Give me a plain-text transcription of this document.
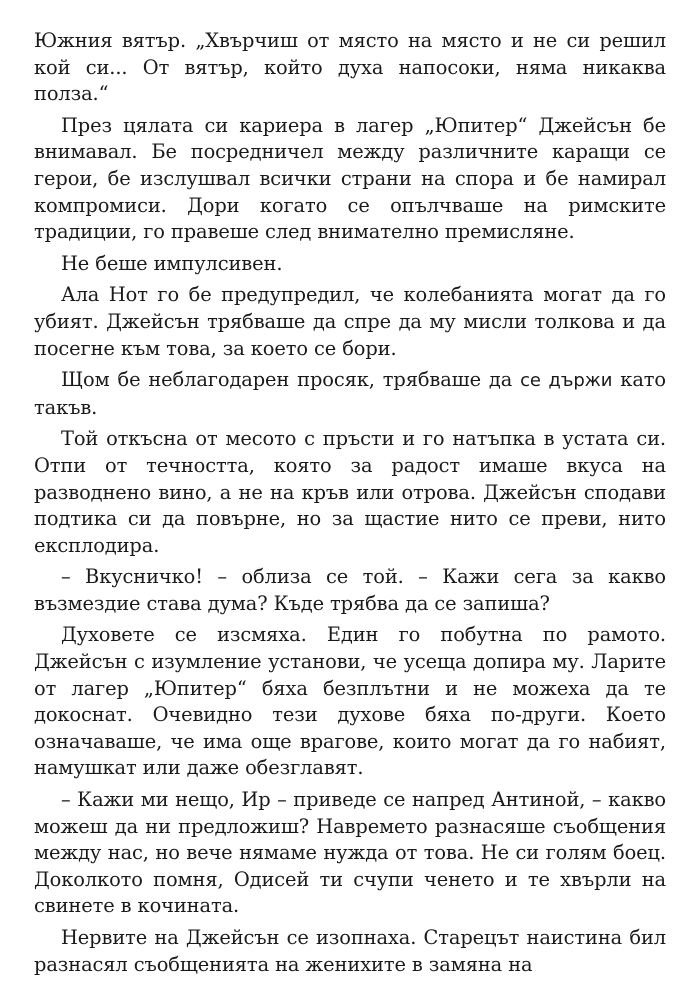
Южния вятър. „Хвърчиш от място на място и не си решил кой си... От вятър, който духа напосоки, няма никаква полза.“

През цялата си кариера в лагер „Юпитер“ Джейсън бе внимавал. Бе посредничел между различните каращи се герои, бе изслушвал всички страни на спора и бе намирал компромиси. Дори когато се опълчваше на римските традиции, го правеше след внимателно премисляне.

Не беше импулсивен.

Ала Нот го бе предупредил, че колебанията могат да го убият. Джейсън трябваше да спре да му мисли толкова и да посегне към това, за което се бори.

Щом бе неблагодарен просяк, трябваше да се държи като такъв.

Той откъсна от месото с пръсти и го натъпка в устата си. Отпи от течността, която за радост имаше вкуса на разводнено вино, а не на кръв или отрова. Джейсън сподави подтика си да повърне, но за щастие нито се преви, нито експлодира.

– Вкусничко! – облиза се той. – Кажи сега за какво възмездие става дума? Къде трябва да се запиша?

Духовете се изсмяха. Един го побутна по рамото. Джейсън с изумление установи, че усеща допира му. Ларите от лагер „Юпитер“ бяха безплътни и не можеха да те докоснат. Очевидно тези духове бяха по-други. Което означаваше, че има още врагове, които могат да го набият, намушкат или даже обезглавят.

– Кажи ми нещо, Ир – приведе се напред Антиной, – какво можеш да ни предложиш? Навремето разнасяше съобщения между нас, но вече нямаме нужда от това. Не си голям боец. Доколкото помня, Одисей ти счупи ченето и те хвърли на свинете в кочината.

Нервите на Джейсън се изопнаха. Старецът наистина бил разнасял съобщенията на женихите в замяна на
